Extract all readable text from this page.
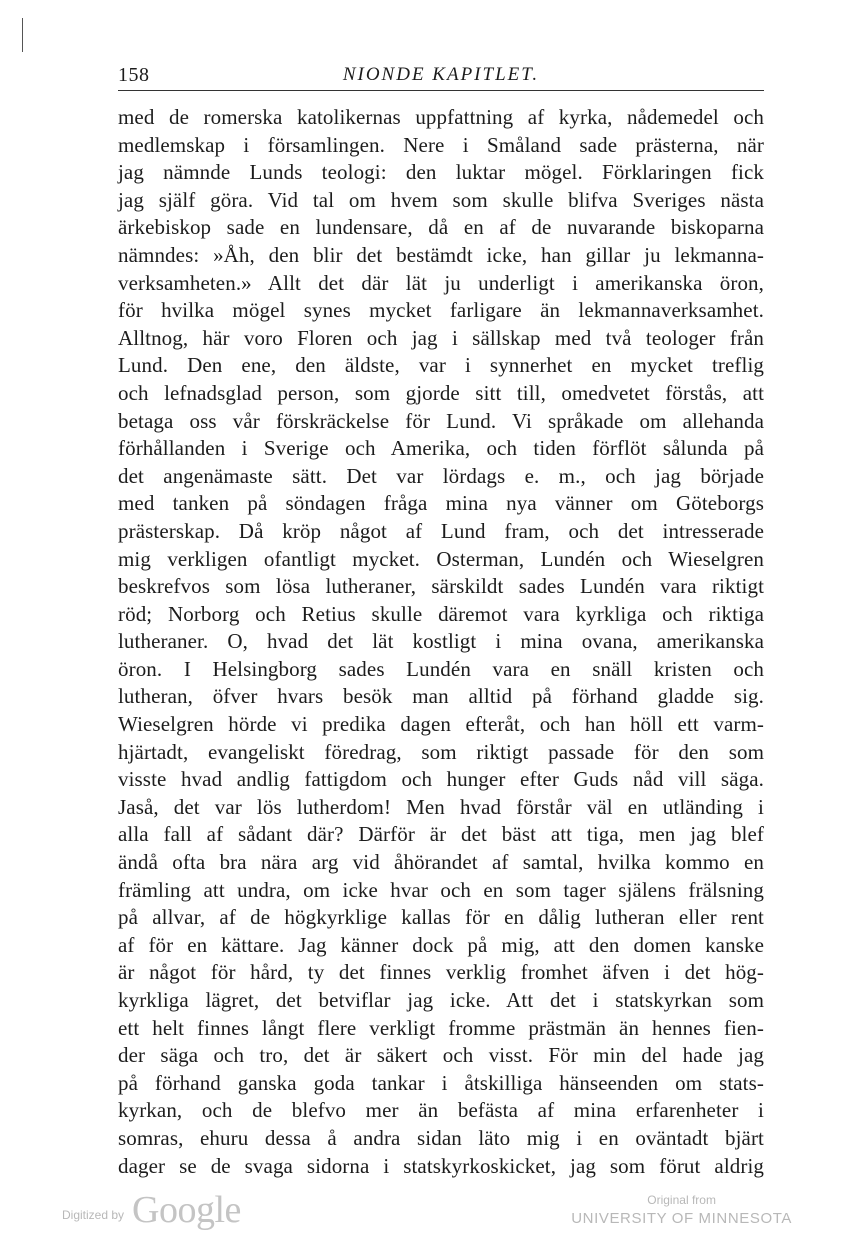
158	NIONDE KAPITLET.
med de romerska katolikernas uppfattning af kyrka, nådemedel och
medlemskap i församlingen. Nere i Småland sade prästerna, när
jag nämnde Lunds teologi: den luktar mögel. Förklaringen fick
jag själf göra. Vid tal om hvem som skulle blifva Sveriges nästa
ärkebiskop sade en lundensare, då en af de nuvarande biskoparna
nämndes: »Åh, den blir det bestämdt icke, han gillar ju lekmanna-
verksamheten.» Allt det där lät ju underligt i amerikanska öron,
för hvilka mögel synes mycket farligare än lekmannaverksamhet.
Alltnog, här voro Floren och jag i sällskap med två teologer från
Lund. Den ene, den äldste, var i synnerhet en mycket treflig
och lefnadsglad person, som gjorde sitt till, omedvetet förstås, att
betaga oss vår förskräckelse för Lund. Vi språkade om allehanda
förhållanden i Sverige och Amerika, och tiden förflöt sålunda på
det angenämaste sätt. Det var lördags e. m., och jag började
med tanken på söndagen fråga mina nya vänner om Göteborgs
prästerskap. Då kröp något af Lund fram, och det intresserade
mig verkligen ofantligt mycket. Osterman, Lundén och Wieselgren
beskrefvos som lösa lutheraner, särskildt sades Lundén vara riktigt
röd; Norborg och Retius skulle däremot vara kyrkliga och riktiga
lutheraner. O, hvad det lät kostligt i mina ovana, amerikanska
öron. I Helsingborg sades Lundén vara en snäll kristen och
lutheran, öfver hvars besök man alltid på förhand gladde sig.
Wieselgren hörde vi predika dagen efteråt, och han höll ett varm-
hjärtadt, evangeliskt föredrag, som riktigt passade för den som
visste hvad andlig fattigdom och hunger efter Guds nåd vill säga.
Jaså, det var lös lutherdom! Men hvad förstår väl en utländing i
alla fall af sådant där? Därför är det bäst att tiga, men jag blef
ändå ofta bra nära arg vid åhörandet af samtal, hvilka kommo en
främling att undra, om icke hvar och en som tager själens frälsning
på allvar, af de högkyrklige kallas för en dålig lutheran eller rent
af för en kättare. Jag känner dock på mig, att den domen kanske
är något för hård, ty det finnes verklig fromhet äfven i det hög-
kyrkliga lägret, det betviflar jag icke. Att det i statskyrkan som
ett helt finnes långt flere verkligt fromme prästmän än hennes fien-
der säga och tro, det är säkert och visst. För min del hade jag
på förhand ganska goda tankar i åtskilliga hänseenden om stats-
kyrkan, och de blefvo mer än befästa af mina erfarenheter i
somras, ehuru dessa å andra sidan läto mig i en oväntadt bjärt
dager se de svaga sidorna i statskyrkoskicket, jag som förut aldrig
Digitized by Google	Original from
UNIVERSITY OF MINNESOTA
